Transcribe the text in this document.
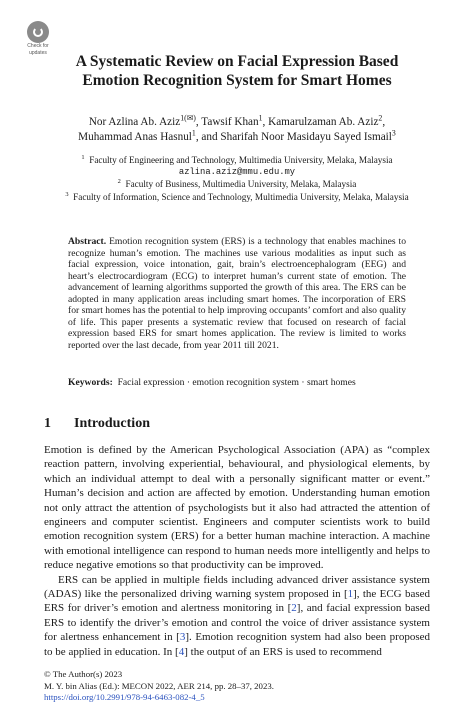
Check for
updates
A Systematic Review on Facial Expression Based
Emotion Recognition System for Smart Homes
Nor Azlina Ab. Aziz$^{1(✉)}$, Tawsif Khan$^1$, Kamarulzaman Ab. Aziz$^2$,
Muhammad Anas Hasnul$^1$, and Sharifah Noor Masidayu Sayed Ismail$^3$
$^1$ Faculty of Engineering and Technology, Multimedia University, Melaka, Malaysia
azlina.aziz@mmu.edu.my
$^2$ Faculty of Business, Multimedia University, Melaka, Malaysia
$^3$ Faculty of Information, Science and Technology, Multimedia University, Melaka, Malaysia
Abstract. Emotion recognition system (ERS) is a technology that enables machines to recognize human’s emotion. The machines use various modalities as input such as facial expression, voice intonation, gait, brain’s electroencephalogram (EEG) and heart’s electrocardiogram (ECG) to interpret human’s current state of emotion. The advancement of learning algorithms supported the growth of this area. The ERS can be adopted in many application areas including smart homes. The incorporation of ERS for smart homes has the potential to help improving occupants’ comfort and also quality of life. This paper presents a systematic review that focused on research of facial expression based ERS for smart homes application. The review is limited to works reported over the last decade, from year 2011 till 2021.
Keywords: Facial expression · emotion recognition system · smart homes
1 Introduction

Emotion is defined by the American Psychological Association (APA) as “complex reaction pattern, involving experiential, behavioural, and physiological elements, by which an individual attempt to deal with a personally significant matter or event.” Human’s decision and action are affected by emotion. Understanding human emotion not only attract the attention of psychologists but it also had attracted the attention of engineers and computer scientist. Engineers and computer scientists work to build emotion recognition system (ERS) for a better human machine interaction. A machine with emotional intelligence can respond to human needs more intelligently and helps to reduce negative emotions so that productivity can be improved.

ERS can be applied in multiple fields including advanced driver assistance system (ADAS) like the personalized driving warning system proposed in [1], the ECG based ERS for driver’s emotion and alertness monitoring in [2], and facial expression based ERS to identify the driver’s emotion and control the voice of driver assistance system for alertness enhancement in [3]. Emotion recognition system had also been proposed to be applied in education. In [4] the output of an ERS is used to recommend

© The Author(s) 2023
M. Y. bin Alias (Ed.): MECON 2022, AER 214, pp. 28–37, 2023.
https://doi.org/10.2991/978-94-6463-082-4_5
